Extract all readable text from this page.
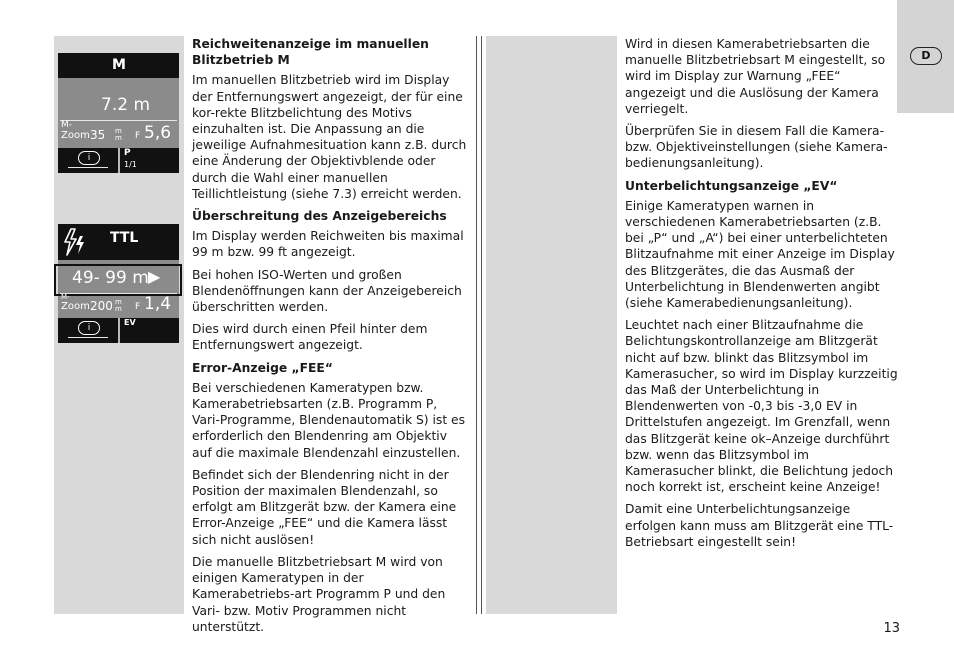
M
7.2 m
M-
Zoom 35 m
m F 5,6
i	P
1/1
TTL
49- 99 m ▶
M-
Zoom 200 m
m F 1,4
i
EV
Reichweitenanzeige im manuellen Blitzbetrieb M

Im manuellen Blitzbetrieb wird im Display der Entfernungswert angezeigt, der für eine kor-rekte Blitzbelichtung des Motivs einzuhalten ist. Die Anpassung an die jeweilige Aufnahmesituation kann z.B. durch eine Änderung der Objektivblende oder durch die Wahl einer manuellen Teillichtleistung (siehe 7.3) erreicht werden.

Überschreitung des Anzeigebereichs

Im Display werden Reichweiten bis maximal 99 m bzw. 99 ft angezeigt.

Bei hohen ISO-Werten und großen Blendenöffnungen kann der Anzeigebereich überschritten werden.

Dies wird durch einen Pfeil hinter dem Entfernungswert angezeigt.

Error-Anzeige „FEE“

Bei verschiedenen Kameratypen bzw. Kamerabetriebsarten (z.B. Programm P, Vari-Programme, Blendenautomatik S) ist es erforderlich den Blendenring am Objektiv auf die maximale Blendenzahl einzustellen.

Befindet sich der Blendenring nicht in der Position der maximalen Blendenzahl, so erfolgt am Blitzgerät bzw. der Kamera eine Error-Anzeige „FEE“ und die Kamera lässt sich nicht auslösen!

Die manuelle Blitzbetriebsart M wird von einigen Kameratypen in der Kamerabetriebs-art Programm P und den Vari- bzw. Motiv Programmen nicht unterstützt.

Wird in diesen Kamerabetriebsarten die manuelle Blitzbetriebsart M eingestellt, so wird im Display zur Warnung „FEE“ angezeigt und die Auslösung der Kamera verriegelt.

Überprüfen Sie in diesem Fall die Kamera-bzw. Objektiveinstellungen (siehe Kamera-bedienungsanleitung).

Unterbelichtungsanzeige „EV“

Einige Kameratypen warnen in verschiedenen Kamerabetriebsarten (z.B. bei „P“ und „A“) bei einer unterbelichteten Blitzaufnahme mit einer Anzeige im Display des Blitzgerätes, die das Ausmaß der Unterbelichtung in Blendenwerten angibt (siehe Kamerabedienungsanleitung).

Leuchtet nach einer Blitzaufnahme die Belichtungskontrollanzeige am Blitzgerät nicht auf bzw. blinkt das Blitzsymbol im Kamerasucher, so wird im Display kurzzeitig das Maß der Unterbelichtung in Blendenwerten von -0,3 bis -3,0 EV in Drittelstufen angezeigt. Im Grenzfall, wenn das Blitzgerät keine ok–Anzeige durchführt bzw. wenn das Blitzsymbol im Kamerasucher blinkt, die Belichtung jedoch noch korrekt ist, erscheint keine Anzeige!

Damit eine Unterbelichtungsanzeige erfolgen kann muss am Blitzgerät eine TTL-Betriebsart eingestellt sein!

D
13
